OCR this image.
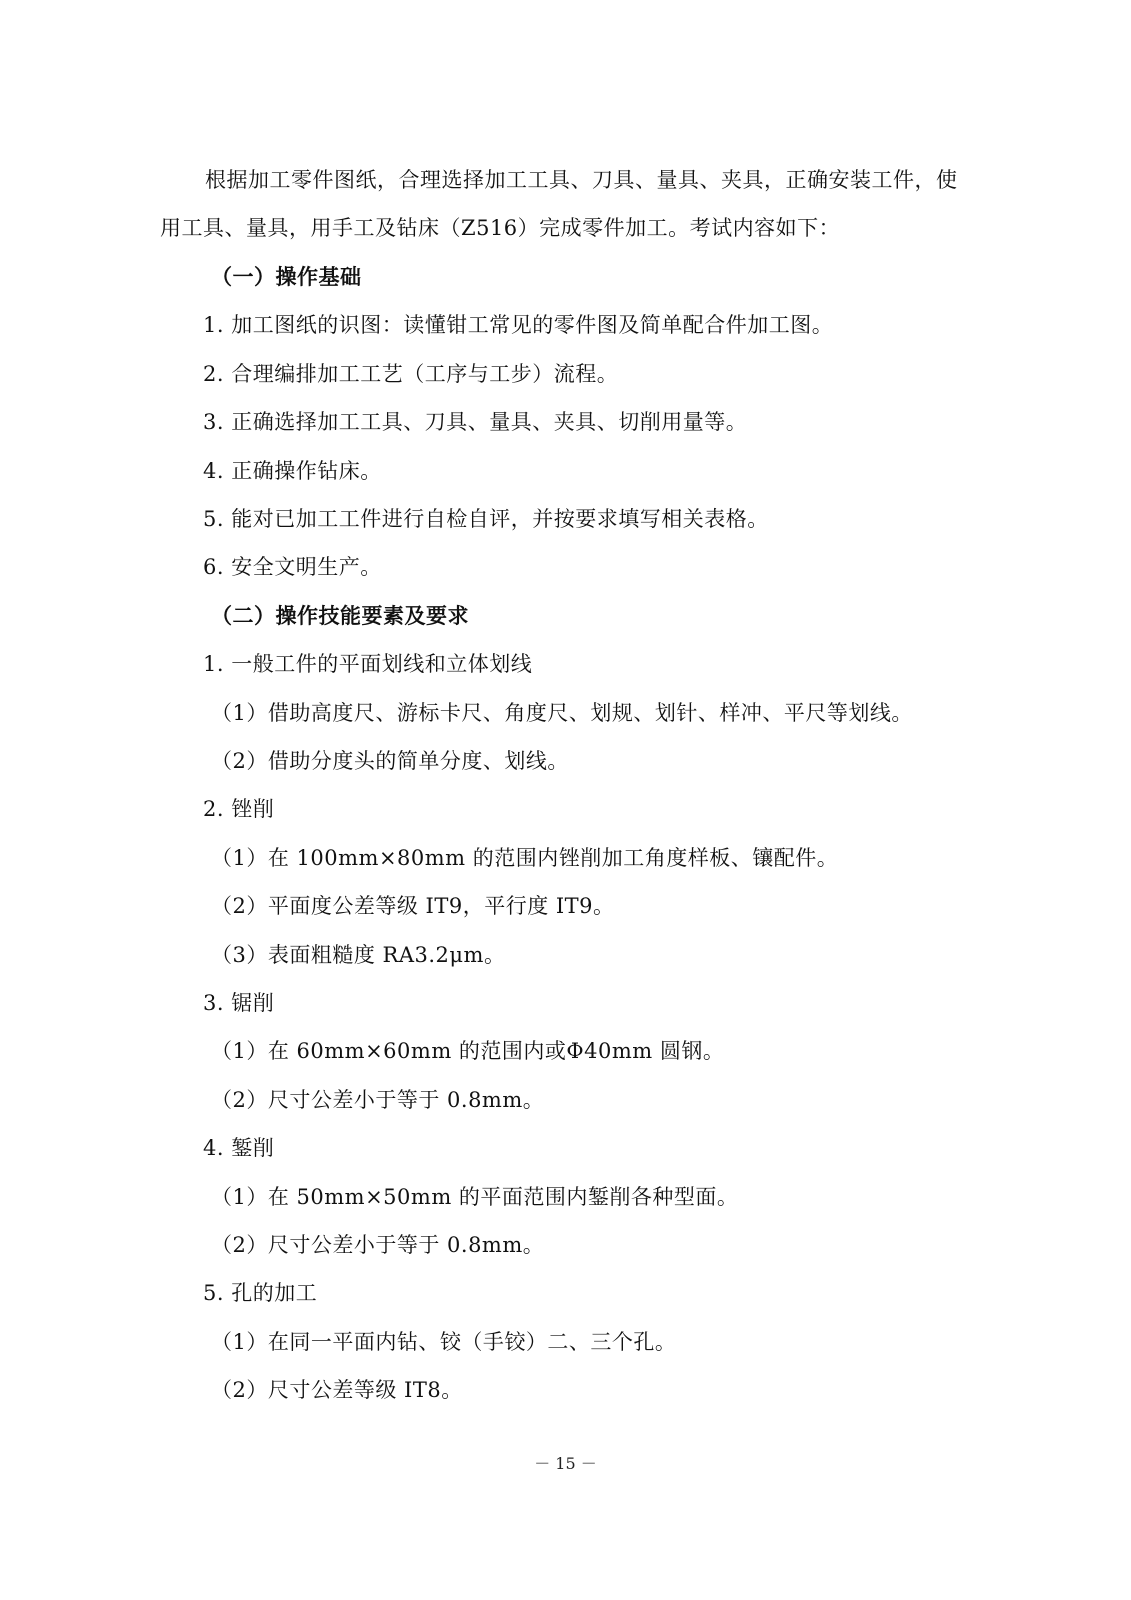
根据加工零件图纸，合理选择加工工具、刀具、量具、夹具，正确安装工件，使
用工具、量具，用手工及钻床（Z516）完成零件加工。考试内容如下：
（一）操作基础
1. 加工图纸的识图：读懂钳工常见的零件图及简单配合件加工图。
2. 合理编排加工工艺（工序与工步）流程。
3. 正确选择加工工具、刀具、量具、夹具、切削用量等。
4. 正确操作钻床。
5. 能对已加工工件进行自检自评，并按要求填写相关表格。
6. 安全文明生产。
（二）操作技能要素及要求
1. 一般工件的平面划线和立体划线
（1）借助高度尺、游标卡尺、角度尺、划规、划针、样冲、平尺等划线。
（2）借助分度头的简单分度、划线。
2. 锉削
（1）在 100mm×80mm 的范围内锉削加工角度样板、镶配件。
（2）平面度公差等级 IT9，平行度 IT9。
（3）表面粗糙度 RA3.2μm。
3. 锯削
（1）在 60mm×60mm 的范围内或Φ40mm 圆钢。
（2）尺寸公差小于等于 0.8mm。
4. 錾削
（1）在 50mm×50mm 的平面范围内錾削各种型面。
（2）尺寸公差小于等于 0.8mm。
5. 孔的加工
（1）在同一平面内钻、铰（手铰）二、三个孔。
（2）尺寸公差等级 IT8。
－ 15 －
